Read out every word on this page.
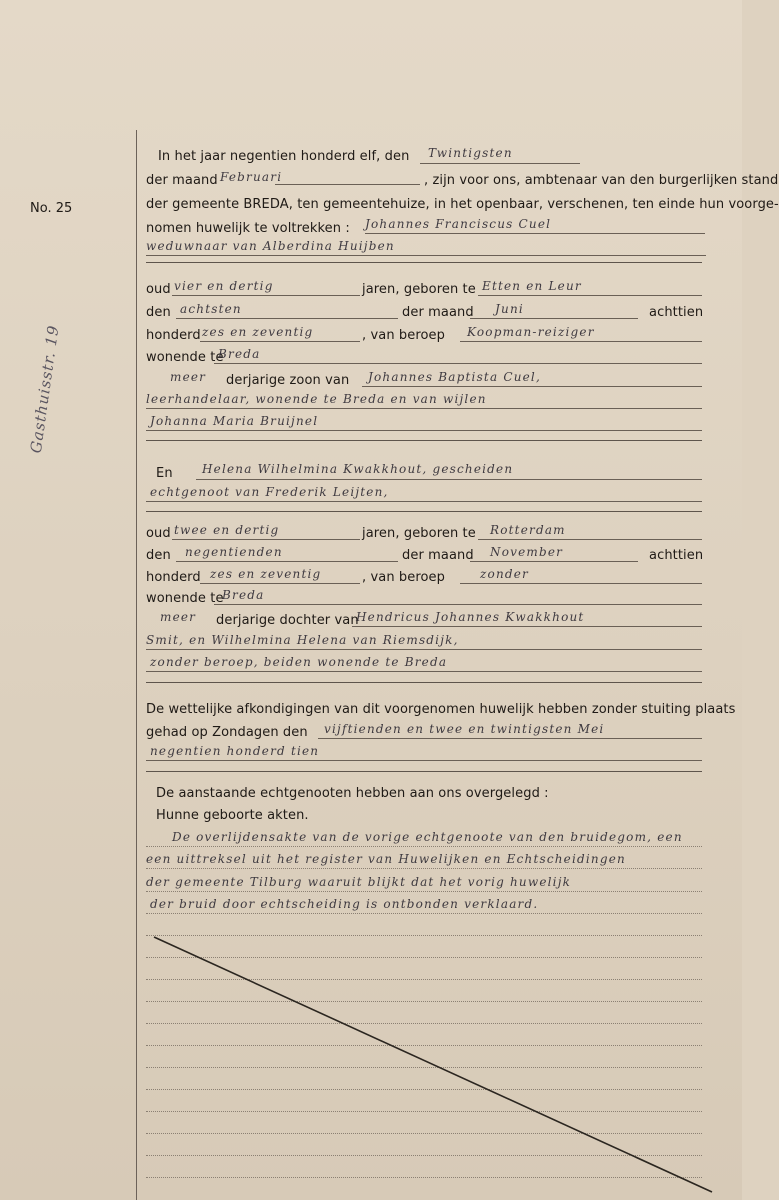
No. 25
Gasthuisstr. 19
In het jaar negentien honderd elf, den Twintigsten
der maand Februari	, zijn voor ons, ambtenaar van den burgerlijken stand
der gemeente BREDA, ten gemeentehuize, in het openbaar, verschenen, ten einde hun voorge-
nomen huwelijk te voltrekken : Johannes Franciscus Cuel
weduwnaar van Alberdina Huijben
oud vier en dertig	jaren, geboren te Etten en Leur
den achtsten	der maand Juni	achttien
honderd zes en zeventig	, van beroep Koopman-reiziger
wonende te
Breda
meer derjarige zoon van Johannes Baptista Cuel,
leerhandelaar, wonende te Breda en van wijlen
Johanna Maria Bruijnel
En Helena Wilhelmina Kwakkhout, gescheiden
echtgenoot van Frederik Leijten,
oud twee en dertig	jaren, geboren te Rotterdam
den negentienden	der maand November	achttien
honderd zes en zeventig	, van beroep	zonder
wonende te
Breda
meer derjarige dochter van
Hendricus Johannes Kwakkhout
Smit, en Wilhelmina Helena van Riemsdijk,
zonder beroep, beiden wonende te Breda
De wettelijke afkondigingen van dit voorgenomen huwelijk hebben zonder stuiting plaats
gehad op Zondagen den vijftienden en twee en twintigsten Mei
negentien honderd tien
De aanstaande echtgenooten hebben aan ons overgelegd :
Hunne geboorte akten.
De overlijdensakte van de vorige echtgenoote van den bruidegom, een
een uittreksel uit het register van Huwelijken en Echtscheidingen
der gemeente Tilburg waaruit blijkt dat het vorig huwelijk
der bruid door echtscheiding is ontbonden verklaard.
